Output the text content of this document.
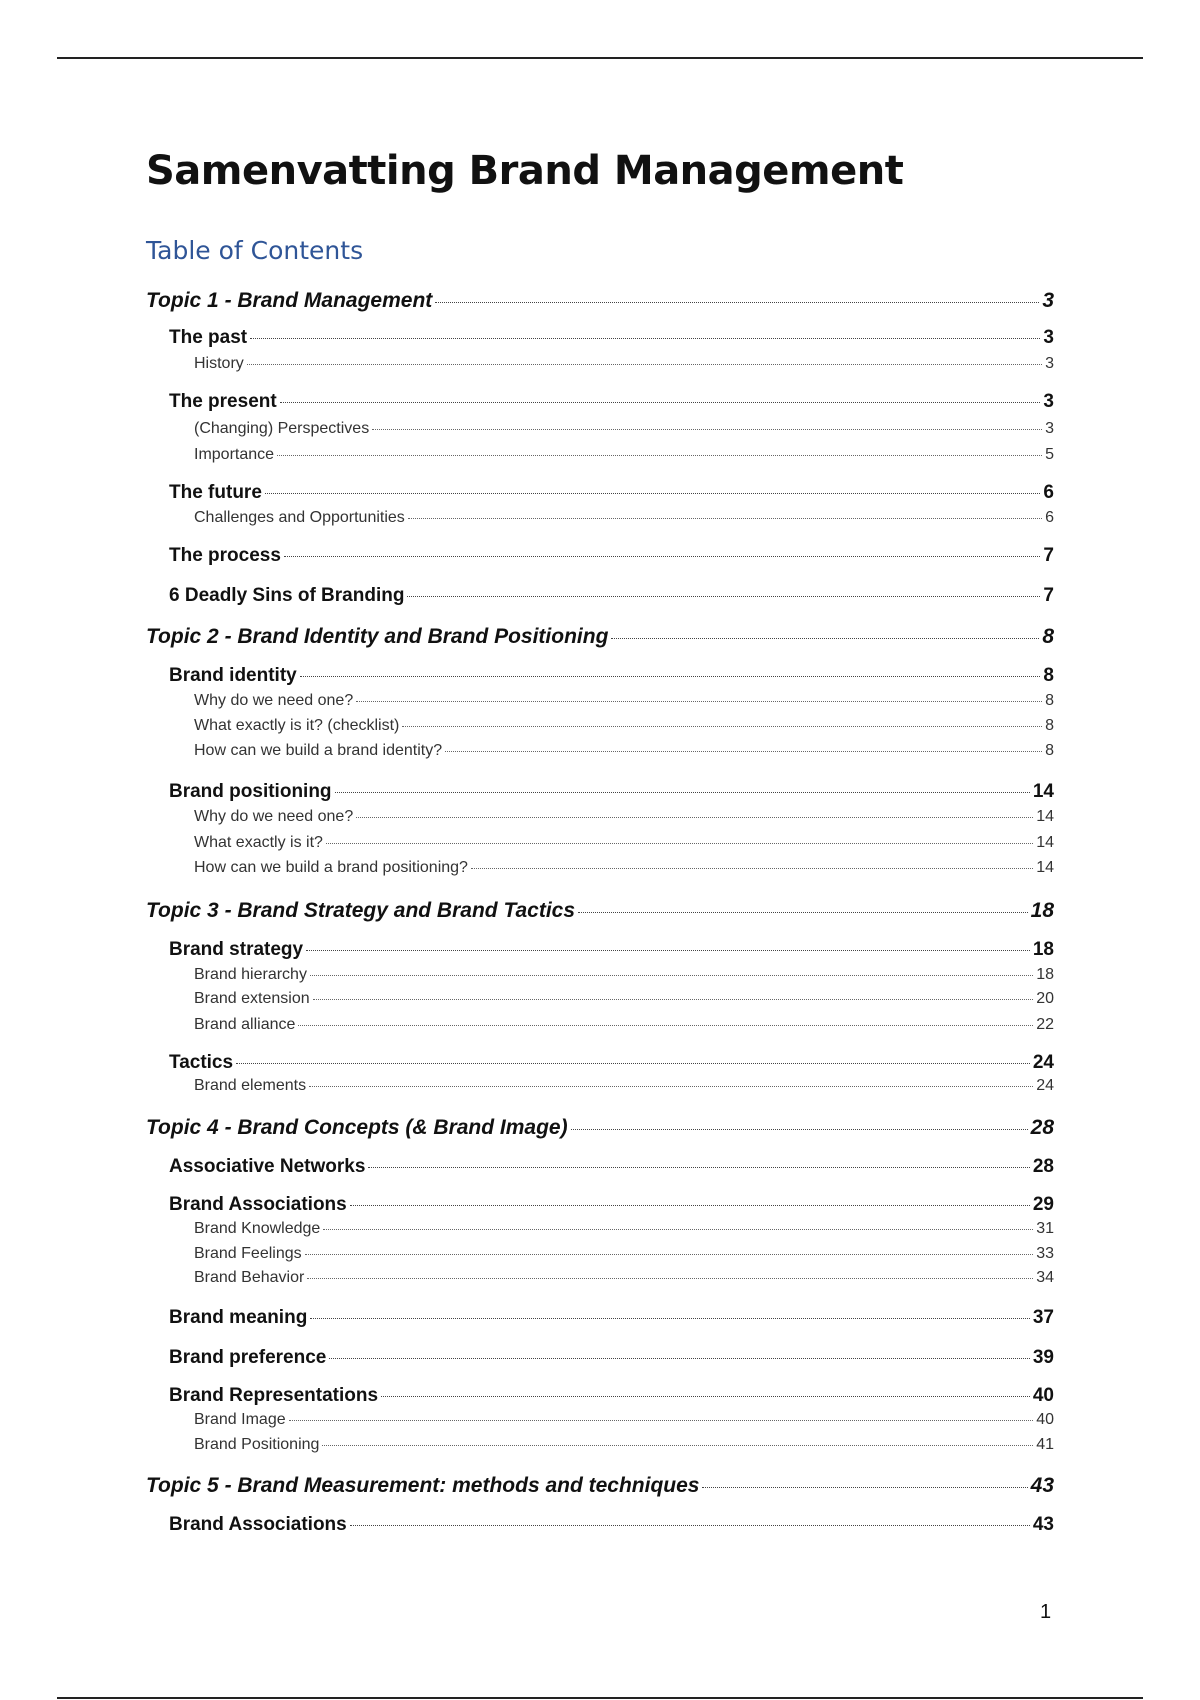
Samenvatting Brand Management
Table of Contents
Topic 1 - Brand Management	3
The past	3
History	3
The present	3
(Changing) Perspectives	3
Importance	5
The future	6
Challenges and Opportunities	6
The process	7
6 Deadly Sins of Branding	7
Topic 2 - Brand Identity and Brand Positioning	8
Brand identity	8
Why do we need one?	8
What exactly is it? (checklist)	8
How can we build a brand identity?	8
Brand positioning	14
Why do we need one?	14
What exactly is it?	14
How can we build a brand positioning?	14
Topic 3 - Brand Strategy and Brand Tactics	18
Brand strategy	18
Brand hierarchy	18
Brand extension	20
Brand alliance	22
Tactics	24
Brand elements	24
Topic 4 - Brand Concepts (& Brand Image)	28
Associative Networks	28
Brand Associations	29
Brand Knowledge	31
Brand Feelings	33
Brand Behavior	34
Brand meaning	37
Brand preference	39
Brand Representations	40
Brand Image	40
Brand Positioning	41
Topic 5 - Brand Measurement: methods and techniques	43
Brand Associations	43
1
